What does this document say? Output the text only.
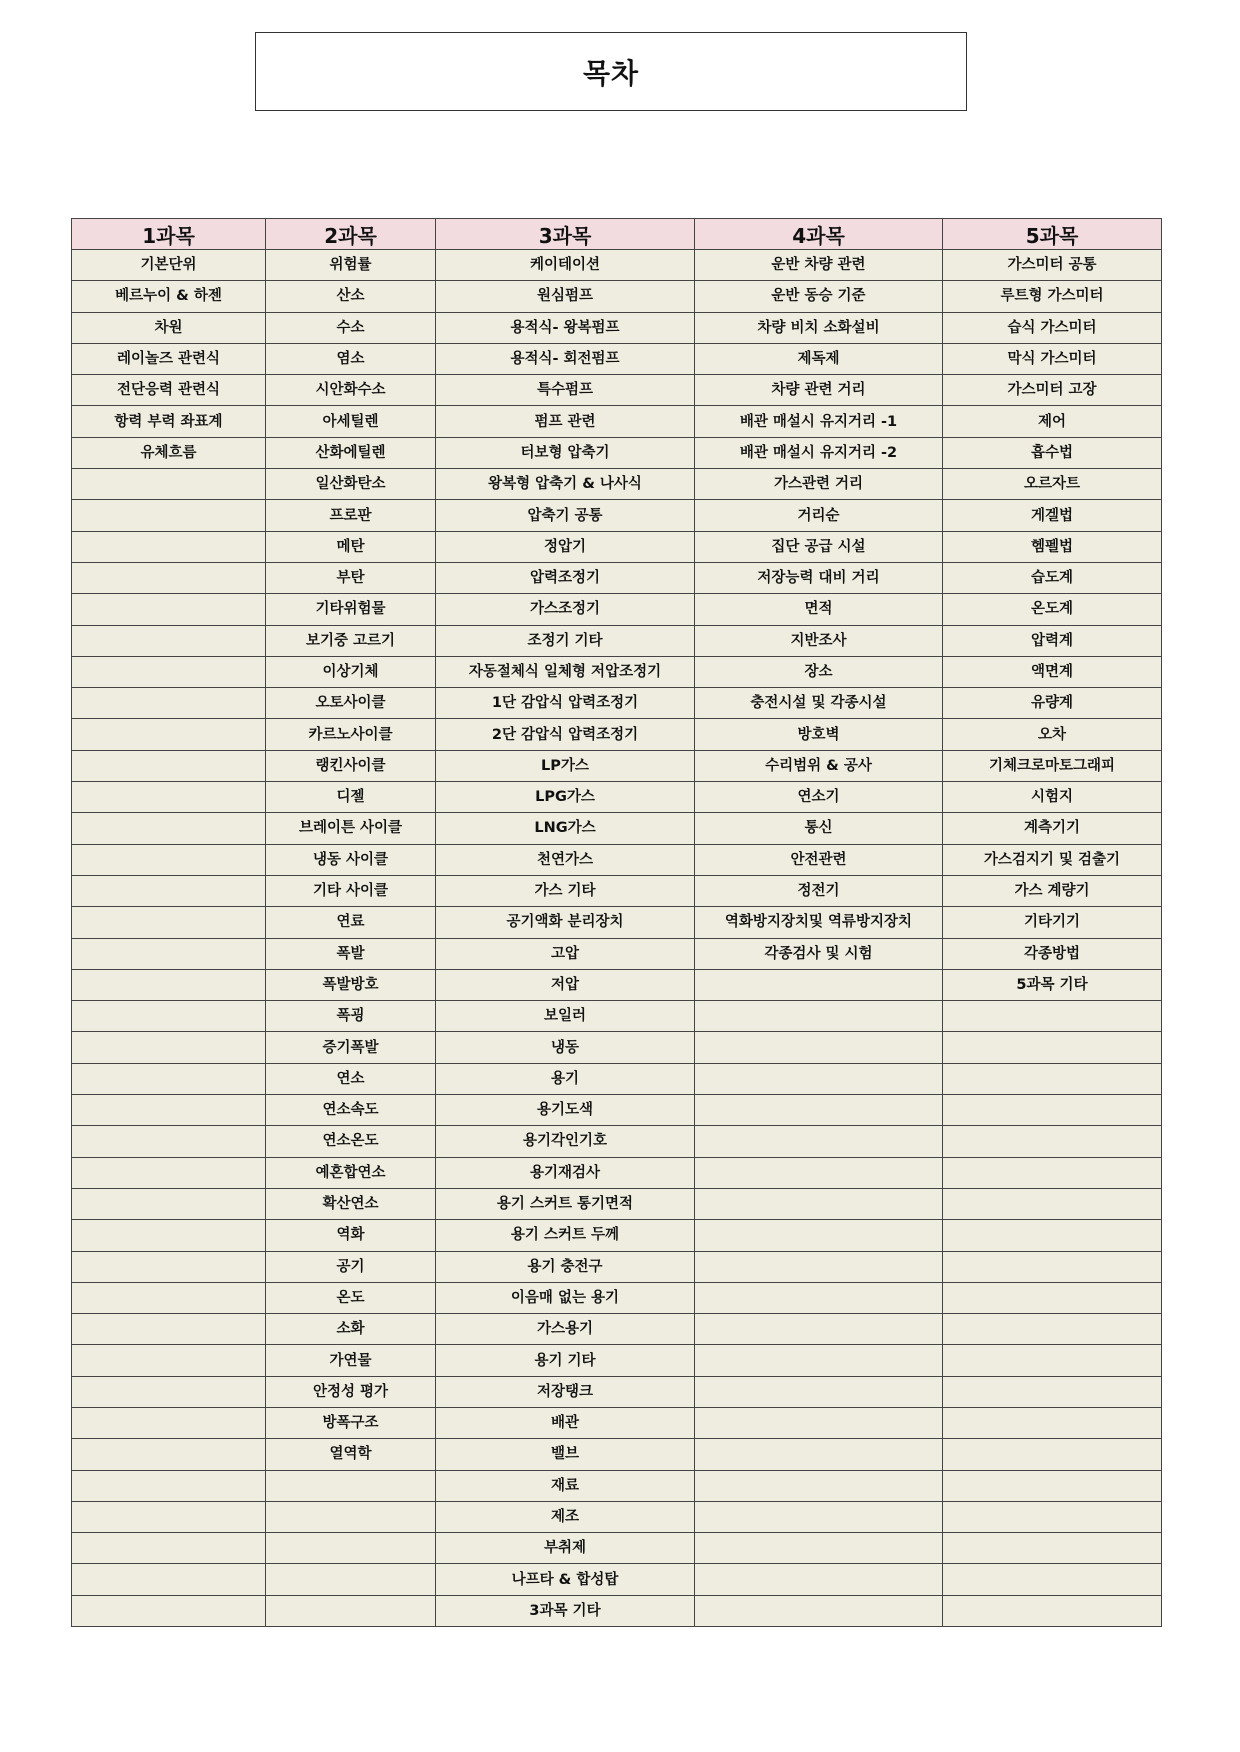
목차
1과목	2과목	3과목	4과목	5과목
기본단위	위험률	케이테이션	운반 차량 관련	가스미터 공통
베르누이 & 하젠	산소	원심펌프	운반 동승 기준	루트형 가스미터
차원	수소	용적식- 왕복펌프	차량 비치 소화설비	습식 가스미터
레이놀즈 관련식	염소	용적식- 회전펌프	제독제	막식 가스미터
전단응력 관련식	시안화수소	특수펌프	차량 관련 거리	가스미터 고장
항력 부력 좌표계	아세틸렌	펌프 관련	배관 매설시 유지거리 -1	제어
유체흐름	산화에틸렌	터보형 압축기	배관 매설시 유지거리 -2	흡수법
	일산화탄소	왕복형 압축기 & 나사식	가스관련 거리	오르자트
	프로판	압축기 공통	거리순	게겔법
	메탄	정압기	집단 공급 시설	헴펠법
	부탄	압력조정기	저장능력 대비 거리	습도계
	기타위험물	가스조정기	면적	온도계
	보기중 고르기	조정기 기타	지반조사	압력계
	이상기체	자동절체식 일체형 저압조정기	장소	액면계
	오토사이클	1단 감압식 압력조정기	충전시설 및 각종시설	유량계
	카르노사이클	2단 감압식 압력조정기	방호벽	오차
	랭킨사이클	LP가스	수리범위 & 공사	기체크로마토그래피
	디젤	LPG가스	연소기	시험지
	브레이튼 사이클	LNG가스	통신	계측기기
	냉동 사이클	천연가스	안전관련	가스검지기 및 검출기
	기타 사이클	가스 기타	정전기	가스 계량기
	연료	공기액화 분리장치	역화방지장치및 역류방지장치	기타기기
	폭발	고압	각종검사 및 시험	각종방법
	폭발방호	저압		5과목 기타
	폭굉	보일러		
	증기폭발	냉동		
	연소	용기		
	연소속도	용기도색		
	연소온도	용기각인기호		
	예혼합연소	용기재검사		
	확산연소	용기 스커트 통기면적		
	역화	용기 스커트 두께		
	공기	용기 충전구		
	온도	이음매 없는 용기		
	소화	가스용기		
	가연물	용기 기타		
	안정성 평가	저장탱크		
	방폭구조	배관		
	열역학	밸브		
		재료		
		제조		
		부취제		
		나프타 & 합성탑		
		3과목 기타		
